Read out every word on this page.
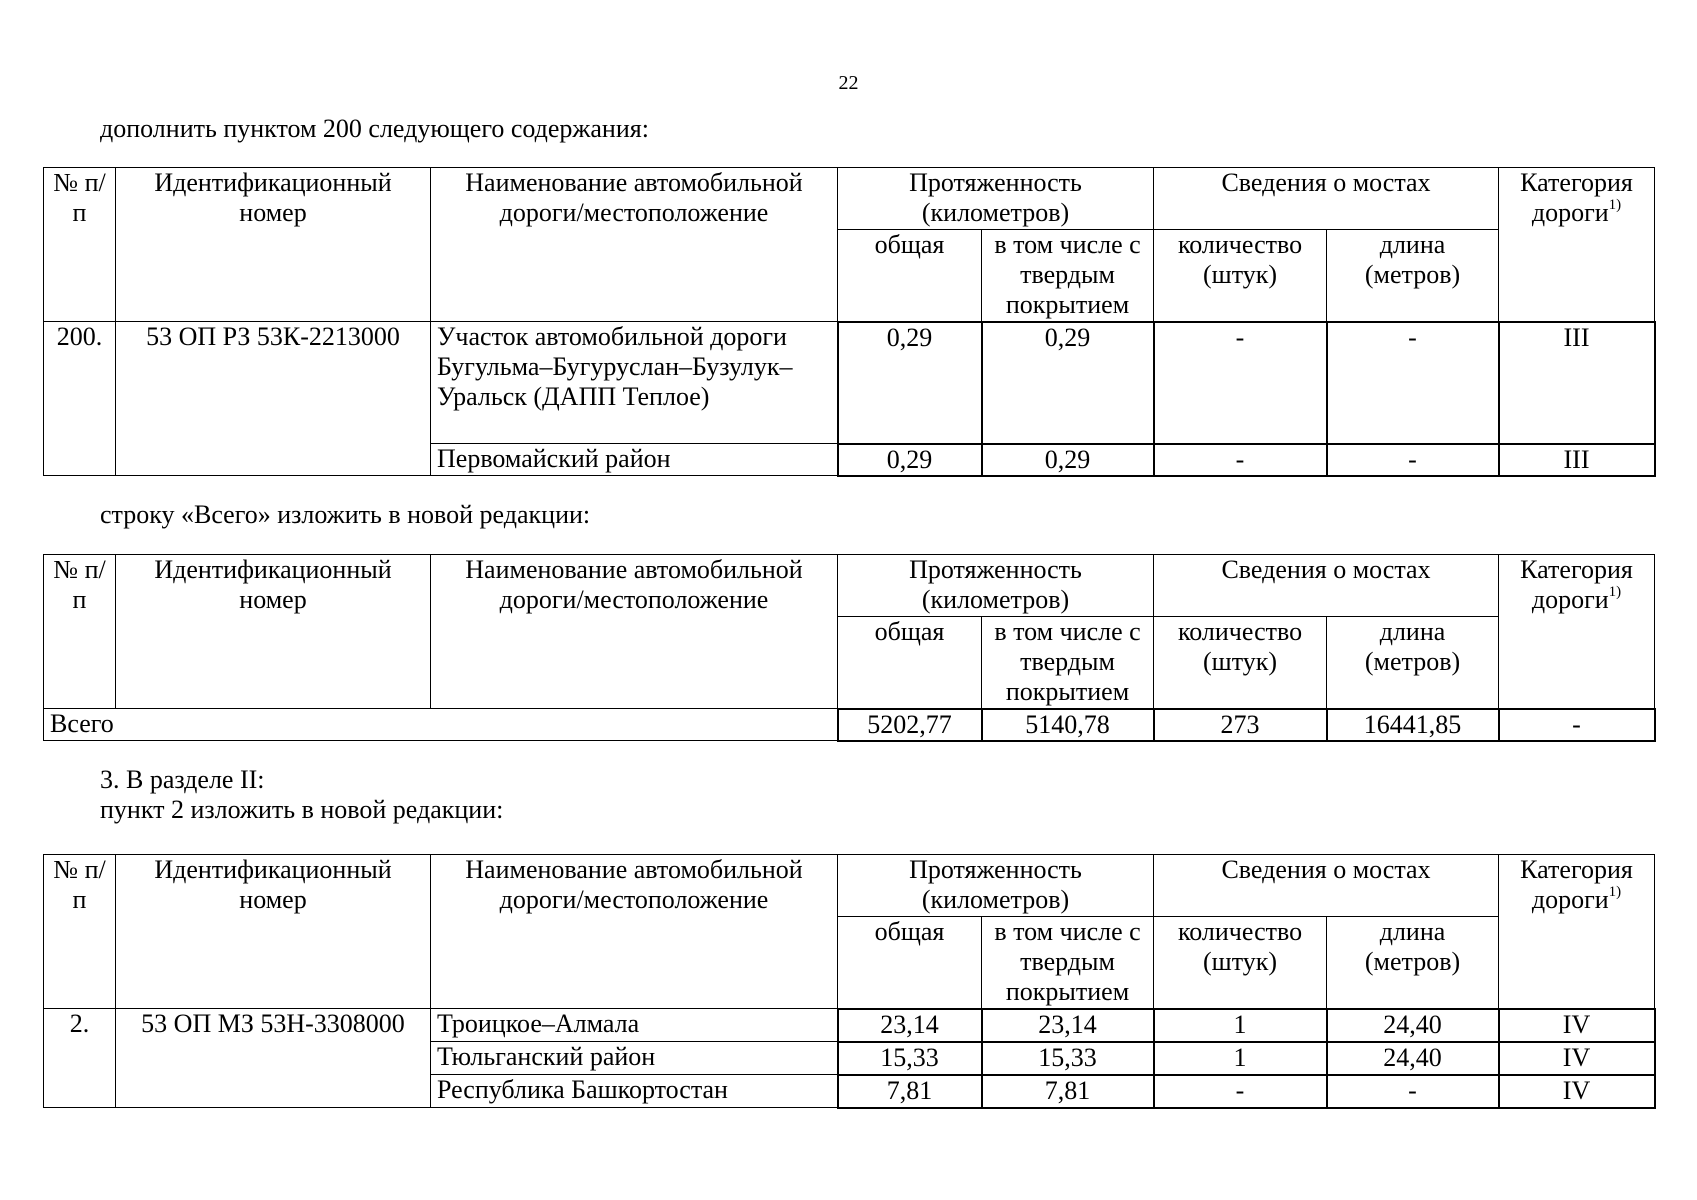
22
дополнить пунктом 200 следующего содержания:
№ п/п	Идентификационный номер	Наименование автомобильной дороги/местоположение	Протяженность (километров)		Сведения о мостах		Категория дороги$^{1)}$
			общая	в том числе с твердым покрытием	количество (штук)	длина (метров)	
200.	53 ОП РЗ 53К-2213000	Участок автомобильной дороги Бугульма–Бугуруслан–Бузулук–Уральск (ДАПП Теплое)	0,29	0,29	-	-	III
		Первомайский район	0,29	0,29	-	-	III
строку «Всего» изложить в новой редакции:
№ п/п	Идентификационный номер	Наименование автомобильной дороги/местоположение	Протяженность (километров)		Сведения о мостах		Категория дороги$^{1)}$
			общая	в том числе с твердым покрытием	количество (штук)	длина (метров)	
Всего			5202,77	5140,78	273	16441,85	-
3. В разделе II:
пункт 2 изложить в новой редакции:
№ п/п	Идентификационный номер	Наименование автомобильной дороги/местоположение	Протяженность (километров)		Сведения о мостах		Категория дороги$^{1)}$
			общая	в том числе с твердым покрытием	количество (штук)	длина (метров)	
2.	53 ОП МЗ 53Н-3308000	Троицкое–Алмала	23,14	23,14	1	24,40	IV
		Тюльганский район	15,33	15,33	1	24,40	IV
		Республика Башкортостан	7,81	7,81	-	-	IV
